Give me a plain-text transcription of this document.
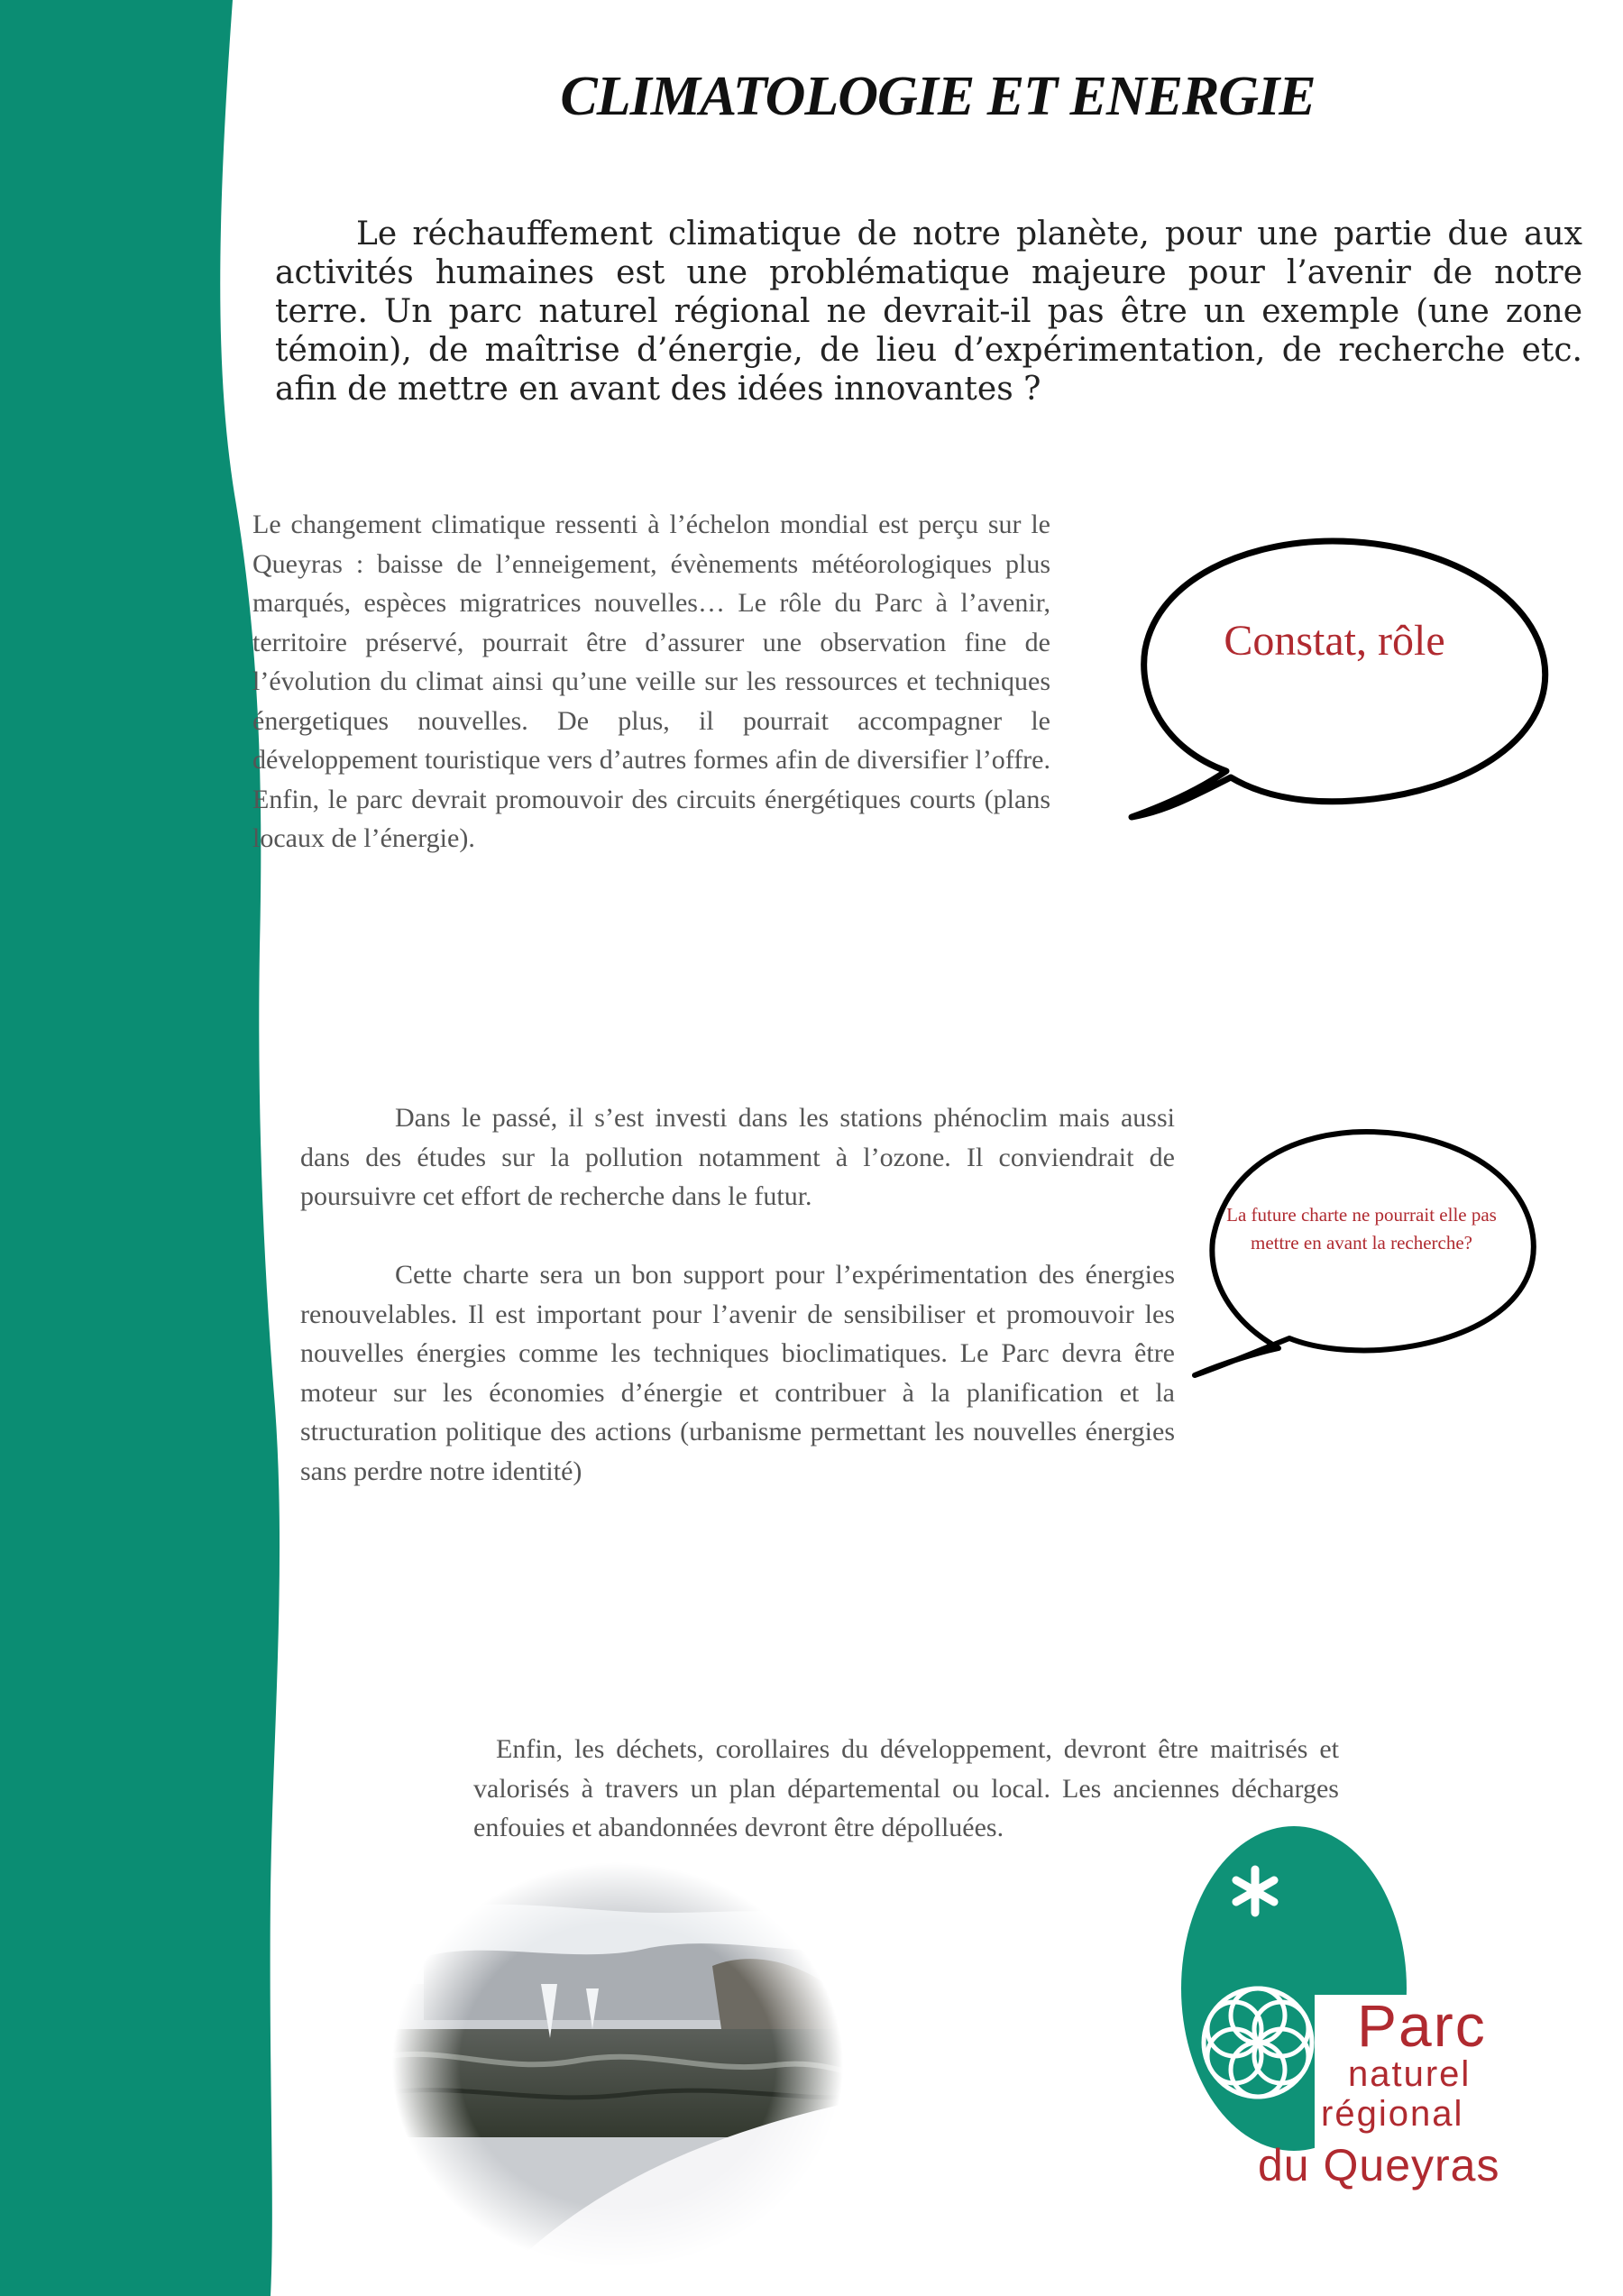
CLIMATOLOGIE ET ENERGIE

Le réchauffement climatique de notre planète, pour une partie due aux activités humaines est une problématique majeure pour l’avenir de notre terre. Un parc naturel régional ne devrait-il pas être un exemple (une zone témoin), de maîtrise d’énergie, de lieu d’expérimentation, de recherche etc. afin de mettre en avant des idées innovantes ?

Le changement climatique ressenti à l’échelon mondial est perçu sur le Queyras : baisse de l’enneigement, évènements météorologiques plus marqués, espèces migratrices nouvelles… Le rôle du Parc à l’avenir, territoire préservé, pourrait être d’assurer une observation fine de l’évolution du climat ainsi qu’une veille sur les ressources et techniques énergetiques nouvelles. De plus, il pourrait accompagner le développement touristique vers d’autres formes afin de diversifier l’offre. Enfin, le parc devrait promouvoir des circuits énergétiques courts (plans locaux de l’énergie).

Constat, rôle

Dans le passé, il s’est investi dans les stations phénoclim mais aussi dans des études sur la pollution notamment à l’ozone. Il conviendrait de poursuivre cet effort de recherche dans le futur.

Cette charte sera un bon support pour l’expérimentation des énergies renouvelables. Il est important pour l’avenir de sensibiliser et promouvoir les nouvelles énergies comme les techniques bioclimatiques. Le Parc devra être moteur sur les économies d’énergie et contribuer à la planification et la structuration politique des actions (urbanisme permettant les nouvelles énergies sans perdre notre identité)

La future charte ne pourrait elle pas mettre en avant la recherche?

Enfin, les déchets, corollaires du développement, devront être maitrisés et valorisés à travers un plan départemental ou local. Les anciennes décharges enfouies et abandonnées devront être dépolluées.

Parc

naturel

régional

du Queyras
